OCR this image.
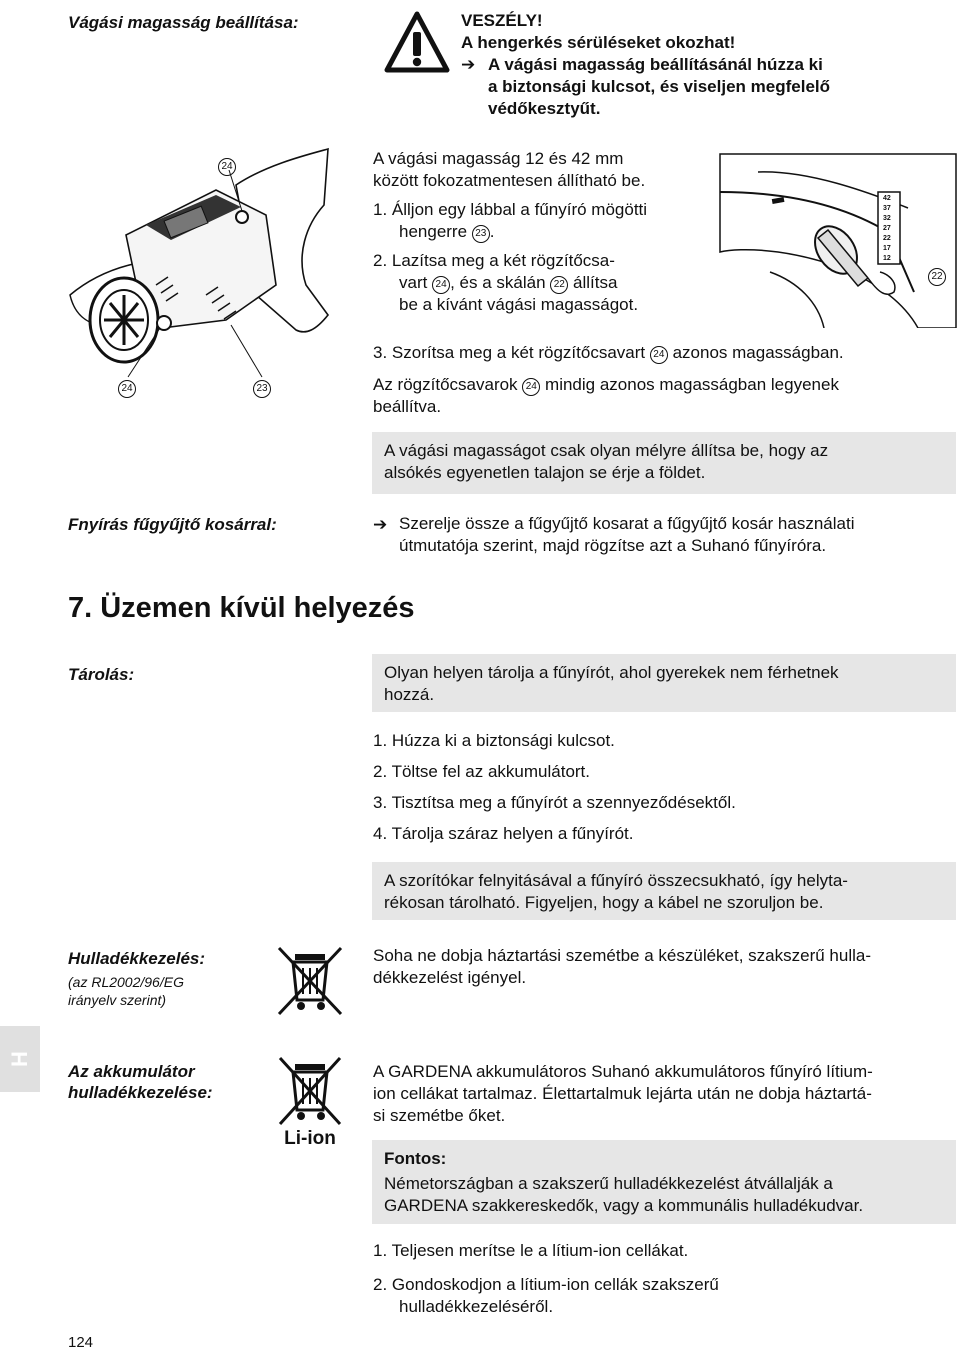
Vágási magasság beállítása:	VESZÉLY!
A hengerkés sérüléseket okozhat!
➔ A vágási magasság beállításánál húzza ki
a biztonsági kulcsot, és viseljen megfelelő
védőkesztyűt.
24
24	23
A vágási magasság 12 és 42 mm
között fokozatmentesen állítható be.
1. Álljon egy lábbal a fűnyíró mögötti
hengerre 23 .
2. Lazítsa meg a két rögzítőcsa-
vart 24 , és a skálán 22 állítsa
be a kívánt vágási magasságot.
42
37
32
27
22
17
12
22
3. Szorítsa meg a két rögzítőcsavart 24 azonos magasságban.
Az rögzítőcsavarok 24 mindig azonos magasságban legyenek
beállítva.
A vágási magasságot csak olyan mélyre állítsa be, hogy az
alsókés egyenetlen talajon se érje a földet.
Fnyírás fűgyűjtő kosárral:	➔ Szerelje össze a fűgyűjtő kosarat a fűgyűjtő kosár használati
útmutatója szerint, majd rögzítse azt a Suhanó fűnyíróra.
7. Üzemen kívül helyezés
Tárolás:	Olyan helyen tárolja a fűnyírót, ahol gyerekek nem férhetnek
hozzá.
1. Húzza ki a biztonsági kulcsot.
2. Töltse fel az akkumulátort.
3. Tisztítsa meg a fűnyírót a szennyeződésektől.
4. Tárolja száraz helyen a fűnyírót.
A szorítókar felnyitásával a fűnyíró összecsukható, így helyta-
rékosan tárolható. Figyeljen, hogy a kábel ne szoruljon be.
Hulladékkezelés:
(az RL2002/96/EG
irányelv szerint)
Soha ne dobja háztartási szemétbe a készüléket, szakszerű hulla-
dékkezelést igényel.
H
Az akkumulátor
hulladékkezelése:
Li-ion
A GARDENA akkumulátoros Suhanó akkumulátoros fűnyíró lítium-
ion cellákat tartalmaz. Élettartalmuk lejárta után ne dobja háztartá-
si szemétbe őket.
Fontos:
Németországban a szakszerű hulladékkezelést átvállalják a
GARDENA szakkereskedők, vagy a kommunális hulladékudvar.
1. Teljesen merítse le a lítium-ion cellákat.
2. Gondoskodjon a lítium-ion cellák szakszerű
hulladékkezeléséről.
124
